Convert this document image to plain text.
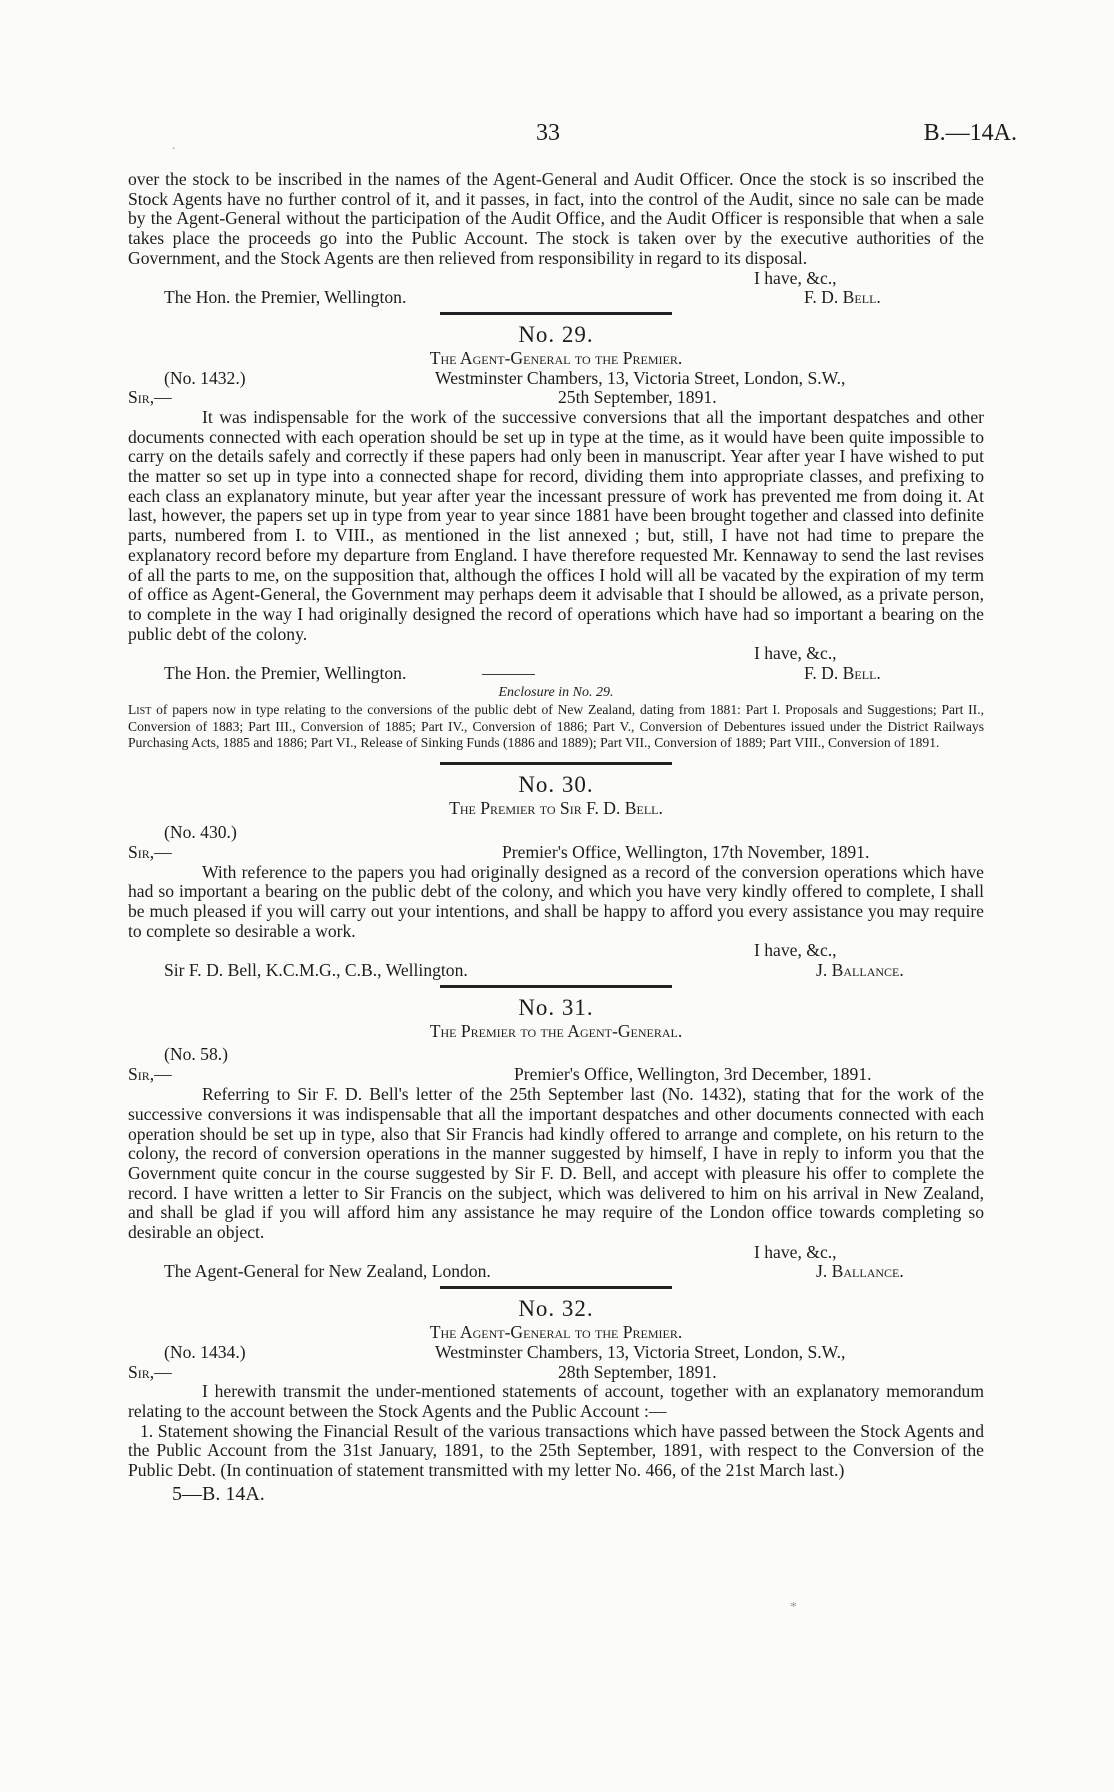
33	B.—14A.
.

over the stock to be inscribed in the names of the Agent-General and Audit Officer. Once the stock is so inscribed the Stock Agents have no further control of it, and it passes, in fact, into the control of the Audit, since no sale can be made by the Agent-General without the participation of the Audit Office, and the Audit Officer is responsible that when a sale takes place the proceeds go into the Public Account. The stock is taken over by the executive authorities of the Government, and the Stock Agents are then relieved from responsibility in regard to its disposal.

I have, &c.,
The Hon. the Premier, Wellington.	F. D. Bell.
No. 29.
The Agent-General to the Premier.
(No. 1432.)	Westminster Chambers, 13, Victoria Street, London, S.W.,
Sir,—	25th September, 1891.

It was indispensable for the work of the successive conversions that all the important despatches and other documents connected with each operation should be set up in type at the time, as it would have been quite impossible to carry on the details safely and correctly if these papers had only been in manuscript. Year after year I have wished to put the matter so set up in type into a connected shape for record, dividing them into appropriate classes, and prefixing to each class an explanatory minute, but year after year the incessant pressure of work has prevented me from doing it. At last, however, the papers set up in type from year to year since 1881 have been brought together and classed into definite parts, numbered from I. to VIII., as mentioned in the list annexed ; but, still, I have not had time to prepare the explanatory record before my departure from England. I have therefore requested Mr. Kennaway to send the last revises of all the parts to me, on the supposition that, although the offices I hold will all be vacated by the expiration of my term of office as Agent-General, the Government may perhaps deem it advisable that I should be allowed, as a private person, to complete in the way I had originally designed the record of operations which have had so important a bearing on the public debt of the colony.

I have, &c.,
The Hon. the Premier, Wellington.	———	F. D. Bell.
Enclosure in No. 29.

List of papers now in type relating to the conversions of the public debt of New Zealand, dating from 1881: Part I. Proposals and Suggestions; Part II., Conversion of 1883; Part III., Conversion of 1885; Part IV., Conversion of 1886; Part V., Conversion of Debentures issued under the District Railways Purchasing Acts, 1885 and 1886; Part VI., Release of Sinking Funds (1886 and 1889); Part VII., Conversion of 1889; Part VIII., Conversion of 1891.

No. 30.
The Premier to Sir F. D. Bell.
(No. 430.)
Sir,—	Premier's Office, Wellington, 17th November, 1891.

With reference to the papers you had originally designed as a record of the conversion operations which have had so important a bearing on the public debt of the colony, and which you have very kindly offered to complete, I shall be much pleased if you will carry out your intentions, and shall be happy to afford you every assistance you may require to complete so desirable a work.

I have, &c.,
Sir F. D. Bell, K.C.M.G., C.B., Wellington.	J. Ballance.
No. 31.
The Premier to the Agent-General.
(No. 58.)
Sir,—	Premier's Office, Wellington, 3rd December, 1891.

Referring to Sir F. D. Bell's letter of the 25th September last (No. 1432), stating that for the work of the successive conversions it was indispensable that all the important despatches and other documents connected with each operation should be set up in type, also that Sir Francis had kindly offered to arrange and complete, on his return to the colony, the record of conversion operations in the manner suggested by himself, I have in reply to inform you that the Government quite concur in the course suggested by Sir F. D. Bell, and accept with pleasure his offer to complete the record. I have written a letter to Sir Francis on the subject, which was delivered to him on his arrival in New Zealand, and shall be glad if you will afford him any assistance he may require of the London office towards completing so desirable an object.

I have, &c.,
The Agent-General for New Zealand, London.	J. Ballance.
No. 32.
The Agent-General to the Premier.
(No. 1434.)	Westminster Chambers, 13, Victoria Street, London, S.W.,
Sir,—	28th September, 1891.

I herewith transmit the under-mentioned statements of account, together with an explanatory memorandum relating to the account between the Stock Agents and the Public Account :—

1. Statement showing the Financial Result of the various transactions which have passed between the Stock Agents and the Public Account from the 31st January, 1891, to the 25th September, 1891, with respect to the Conversion of the Public Debt. (In continuation of statement transmitted with my letter No. 466, of the 21st March last.)

5—B. 14A.
*
